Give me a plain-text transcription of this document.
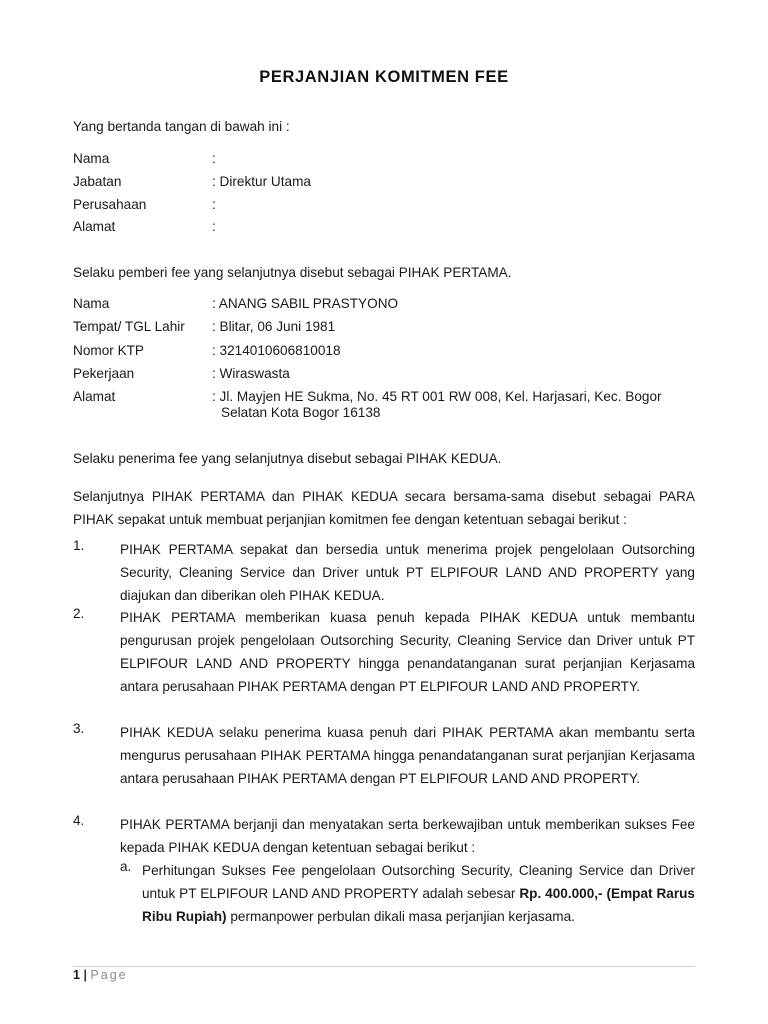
PERJANJIAN KOMITMEN FEE
Yang bertanda tangan di bawah ini :
Nama	:
Jabatan	: Direktur Utama
Perusahaan	:
Alamat	:
Selaku pemberi fee yang selanjutnya disebut sebagai PIHAK PERTAMA.
Nama	: ANANG SABIL PRASTYONO
Tempat/ TGL Lahir : Blitar, 06 Juni 1981
Nomor KTP	: 3214010606810018
Pekerjaan	: Wiraswasta
Alamat	: Jl. Mayjen HE Sukma, No. 45 RT 001 RW 008, Kel. Harjasari, Kec. Bogor
Selatan Kota Bogor 16138
Selaku penerima fee yang selanjutnya disebut sebagai PIHAK KEDUA.
Selanjutnya PIHAK PERTAMA dan PIHAK KEDUA secara bersama-sama disebut sebagai PARA PIHAK sepakat untuk membuat perjanjian komitmen fee dengan ketentuan sebagai berikut :
1.	PIHAK PERTAMA sepakat dan bersedia untuk menerima projek pengelolaan Outsorching Security, Cleaning Service dan Driver untuk PT ELPIFOUR LAND AND PROPERTY yang diajukan dan diberikan oleh PIHAK KEDUA.
2.	PIHAK PERTAMA memberikan kuasa penuh kepada PIHAK KEDUA untuk membantu pengurusan projek pengelolaan Outsorching Security, Cleaning Service dan Driver untuk PT ELPIFOUR LAND AND PROPERTY hingga penandatanganan surat perjanjian Kerjasama antara perusahaan PIHAK PERTAMA dengan PT ELPIFOUR LAND AND PROPERTY.
3.	PIHAK KEDUA selaku penerima kuasa penuh dari PIHAK PERTAMA akan membantu serta mengurus perusahaan PIHAK PERTAMA hingga penandatanganan surat perjanjian Kerjasama antara perusahaan PIHAK PERTAMA dengan PT ELPIFOUR LAND AND PROPERTY.
4.	PIHAK PERTAMA berjanji dan menyatakan serta berkewajiban untuk memberikan sukses Fee kepada PIHAK KEDUA dengan ketentuan sebagai berikut :
a. Perhitungan Sukses Fee pengelolaan Outsorching Security, Cleaning Service dan Driver untuk PT ELPIFOUR LAND AND PROPERTY adalah sebesar Rp. 400.000,- (Empat Rarus Ribu Rupiah) permanpower perbulan dikali masa perjanjian kerjasama.
1 | Page
